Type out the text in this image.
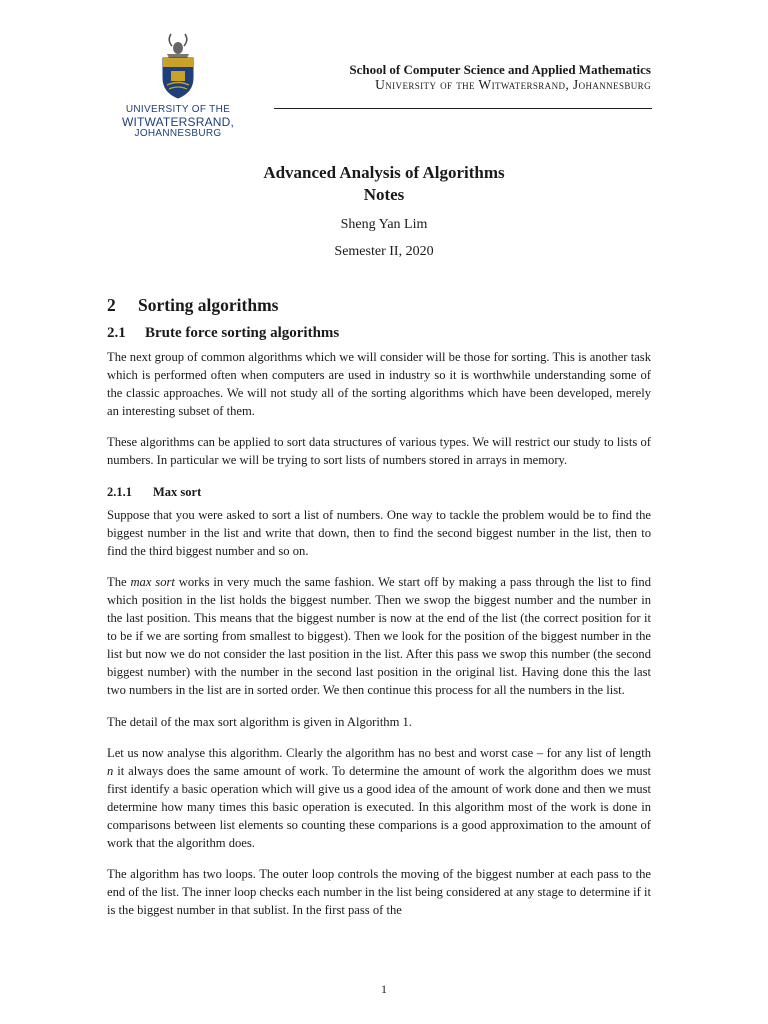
UNIVERSITY OF THE
WITWATERSRAND,
JOHANNESBURG
School of Computer Science and Applied Mathematics
University of the Witwatersrand, Johannesburg
Advanced Analysis of Algorithms
Notes
Sheng Yan Lim
Semester II, 2020
2 Sorting algorithms
2.1 Brute force sorting algorithms

The next group of common algorithms which we will consider will be those for sorting. This is another task which is performed often when computers are used in industry so it is worthwhile understanding some of the classic approaches. We will not study all of the sorting algorithms which have been developed, merely an interesting subset of them.

These algorithms can be applied to sort data structures of various types. We will restrict our study to lists of numbers. In particular we will be trying to sort lists of numbers stored in arrays in memory.

2.1.1 Max sort

Suppose that you were asked to sort a list of numbers. One way to tackle the problem would be to find the biggest number in the list and write that down, then to find the second biggest number in the list, then to find the third biggest number and so on.

The max sort works in very much the same fashion. We start off by making a pass through the list to find which position in the list holds the biggest number. Then we swop the biggest number and the number in the last position. This means that the biggest number is now at the end of the list (the correct position for it to be if we are sorting from smallest to biggest). Then we look for the position of the biggest number in the list but now we do not consider the last position in the list. After this pass we swop this number (the second biggest number) with the number in the second last position in the original list. Having done this the last two numbers in the list are in sorted order. We then continue this process for all the numbers in the list.

The detail of the max sort algorithm is given in Algorithm 1.

Let us now analyse this algorithm. Clearly the algorithm has no best and worst case – for any list of length n it always does the same amount of work. To determine the amount of work the algorithm does we must first identify a basic operation which will give us a good idea of the amount of work done and then we must determine how many times this basic operation is executed. In this algorithm most of the work is done in comparisons between list elements so counting these comparions is a good approximation to the amount of work that the algorithm does.

The algorithm has two loops. The outer loop controls the moving of the biggest number at each pass to the end of the list. The inner loop checks each number in the list being considered at any stage to determine if it is the biggest number in that sublist. In the first pass of the

1
